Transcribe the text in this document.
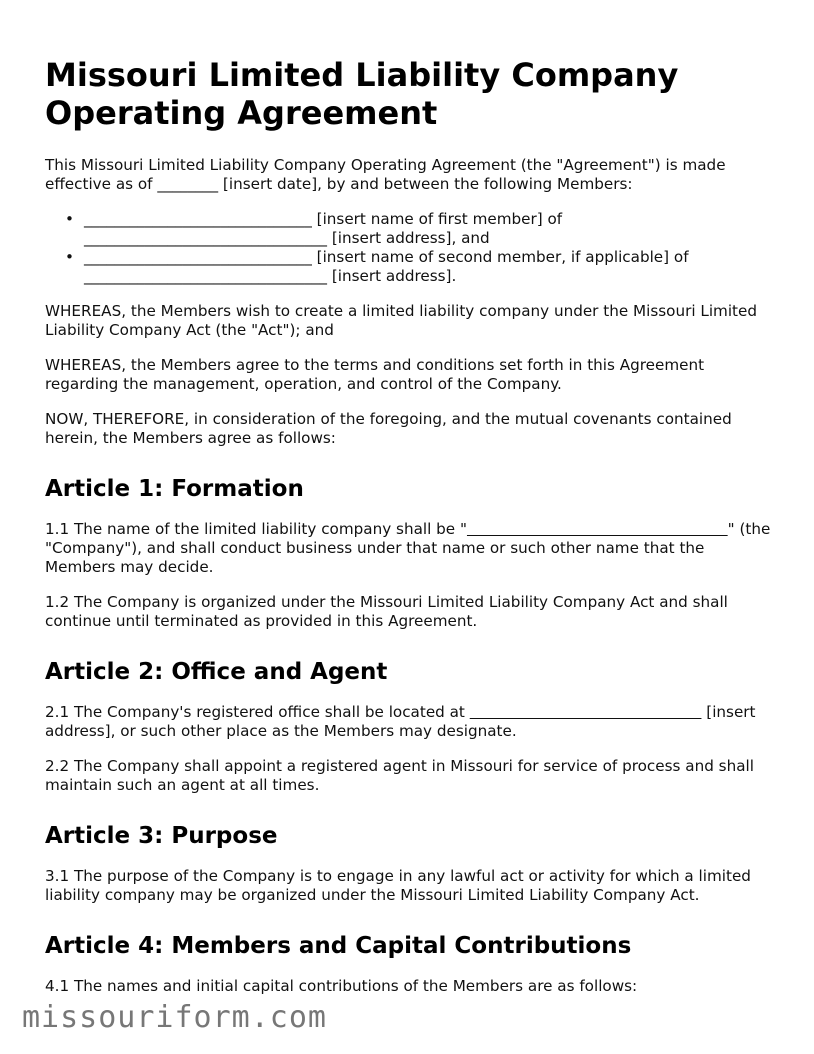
Missouri Limited Liability Company Operating Agreement

This Missouri Limited Liability Company Operating Agreement (the "Agreement") is made effective as of ________ [insert date], by and between the following Members:

• ______________________________ [insert name of first member] of ________________________________ [insert address], and
• ______________________________ [insert name of second member, if applicable] of ________________________________ [insert address].

WHEREAS, the Members wish to create a limited liability company under the Missouri Limited Liability Company Act (the "Act"); and

WHEREAS, the Members agree to the terms and conditions set forth in this Agreement regarding the management, operation, and control of the Company.

NOW, THEREFORE, in consideration of the foregoing, and the mutual covenants contained herein, the Members agree as follows:

Article 1: Formation

1.1 The name of the limited liability company shall be "	" (the "Company"), and shall conduct business under that name or such other name that the Members may decide.

1.2 The Company is organized under the Missouri Limited Liability Company Act and shall continue until terminated as provided in this Agreement.

Article 2: Office and Agent

2.1 The Company's registered office shall be located at	[insert address], or such other place as the Members may designate.

2.2 The Company shall appoint a registered agent in Missouri for service of process and shall maintain such an agent at all times.

Article 3: Purpose

3.1 The purpose of the Company is to engage in any lawful act or activity for which a limited liability company may be organized under the Missouri Limited Liability Company Act.

Article 4: Members and Capital Contributions

4.1 The names and initial capital contributions of the Members are as follows:

missouriform.com
